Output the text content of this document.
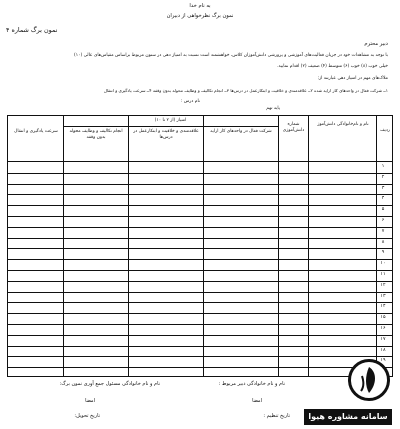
به نام خدا
نمون برگ نظرخواهی از دبیران
نمون برگ شماره ۴
دبیر محترم
با توجه به مشاهدات خود در جریان فعالیت‌های آموزشی و پرورشی دانش‌آموزان کلاس، خواهشمند است نسبت به امتیاز دهی در ستون مربوط براساس مقیاس‌های عالی (۱۰)
خیلی خوب (۸) خوب (۶) متوسط (۴) ضعیف (۲) اقدام نمایید.
ملاک‌های مهم در امتیاز دهی عبارتند از:
۱ــ شرکت فعال در واحدهای کار ارایه شده ۲ــ علاقه‌مندی و خلاقیت و ابتکارعمل در درس‌ها ۳ــ انجام تکالیف و وظایف محوله بدون وقفه ۴ــ سرعت یادگیری و انتقال
نام درس :
پایه تهم
ردیف
نام و نام‌خانوادگی دانش‌آموز
شماره دانش‌آموزی
امتیاز (از ۲ تا ۱۰)
شرکت فعال در واحدهای کار ارایه
علاقه‌مندی و خلاقیت و ابتکارعمل در درس‌ها
انجام تکالیف و وظایف محوله بدون وقفه
سرعت یادگیری و انتقال
۱
۲
۳
۴
۵
۶
۷
۸
۹
۱۰
۱۱
۱۲
۱۳
۱۴
۱۵
۱۶
۱۷
۱۸
۱۹
نام و نام خانوادگی دبیر مربوط :
امضا
تاریخ تنظیم :
نام و نام خانوادگی مسئول جمع آوری نمون برگ:
امضا
تاریخ تحویل:	سامانه مشاوره هیوا
